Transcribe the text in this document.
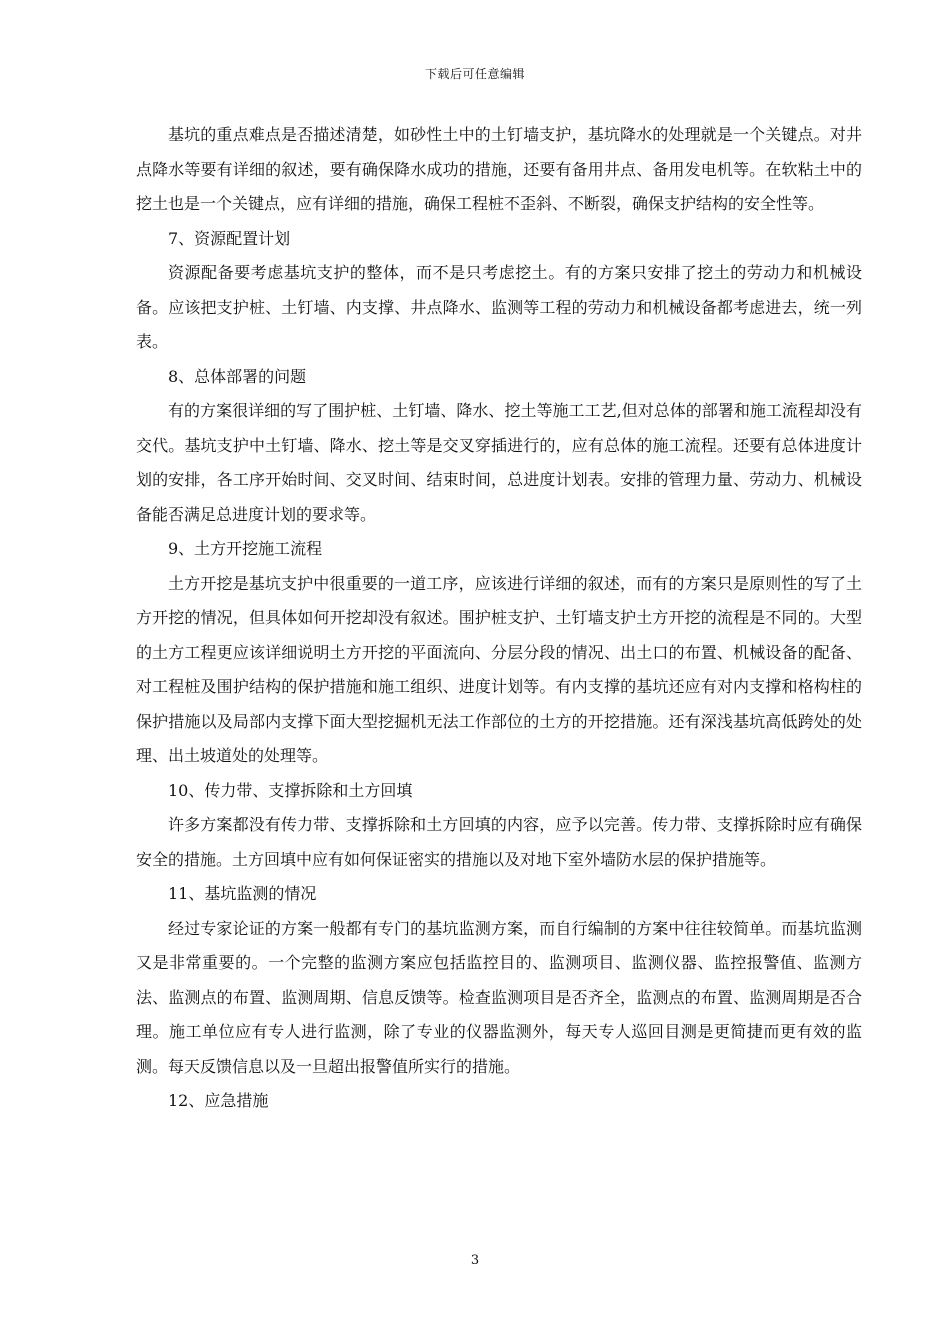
下载后可任意编辑

基坑的重点难点是否描述清楚，如砂性土中的土钉墙支护，基坑降水的处理就是一个关键点。对井点降水等要有详细的叙述，要有确保降水成功的措施，还要有备用井点、备用发电机等。在软粘土中的挖土也是一个关键点，应有详细的措施，确保工程桩不歪斜、不断裂，确保支护结构的安全性等。

7、资源配置计划

资源配备要考虑基坑支护的整体，而不是只考虑挖土。有的方案只安排了挖土的劳动力和机械设备。应该把支护桩、土钉墙、内支撑、井点降水、监测等工程的劳动力和机械设备都考虑进去，统一列表。

8、总体部署的问题

有的方案很详细的写了围护桩、土钉墙、降水、挖土等施工工艺,但对总体的部署和施工流程却没有交代。基坑支护中土钉墙、降水、挖土等是交叉穿插进行的，应有总体的施工流程。还要有总体进度计划的安排，各工序开始时间、交叉时间、结束时间，总进度计划表。安排的管理力量、劳动力、机械设备能否满足总进度计划的要求等。

9、土方开挖施工流程

土方开挖是基坑支护中很重要的一道工序，应该进行详细的叙述，而有的方案只是原则性的写了土方开挖的情况，但具体如何开挖却没有叙述。围护桩支护、土钉墙支护土方开挖的流程是不同的。大型的土方工程更应该详细说明土方开挖的平面流向、分层分段的情况、出土口的布置、机械设备的配备、对工程桩及围护结构的保护措施和施工组织、进度计划等。有内支撑的基坑还应有对内支撑和格构柱的保护措施以及局部内支撑下面大型挖掘机无法工作部位的土方的开挖措施。还有深浅基坑高低跨处的处理、出土坡道处的处理等。

10、传力带、支撑拆除和土方回填

许多方案都没有传力带、支撑拆除和土方回填的内容，应予以完善。传力带、支撑拆除时应有确保安全的措施。土方回填中应有如何保证密实的措施以及对地下室外墙防水层的保护措施等。

11、基坑监测的情况

经过专家论证的方案一般都有专门的基坑监测方案，而自行编制的方案中往往较简单。而基坑监测又是非常重要的。一个完整的监测方案应包括监控目的、监测项目、监测仪器、监控报警值、监测方法、监测点的布置、监测周期、信息反馈等。检查监测项目是否齐全，监测点的布置、监测周期是否合理。施工单位应有专人进行监测，除了专业的仪器监测外，每天专人巡回目测是更简捷而更有效的监测。每天反馈信息以及一旦超出报警值所实行的措施。

12、应急措施

3
